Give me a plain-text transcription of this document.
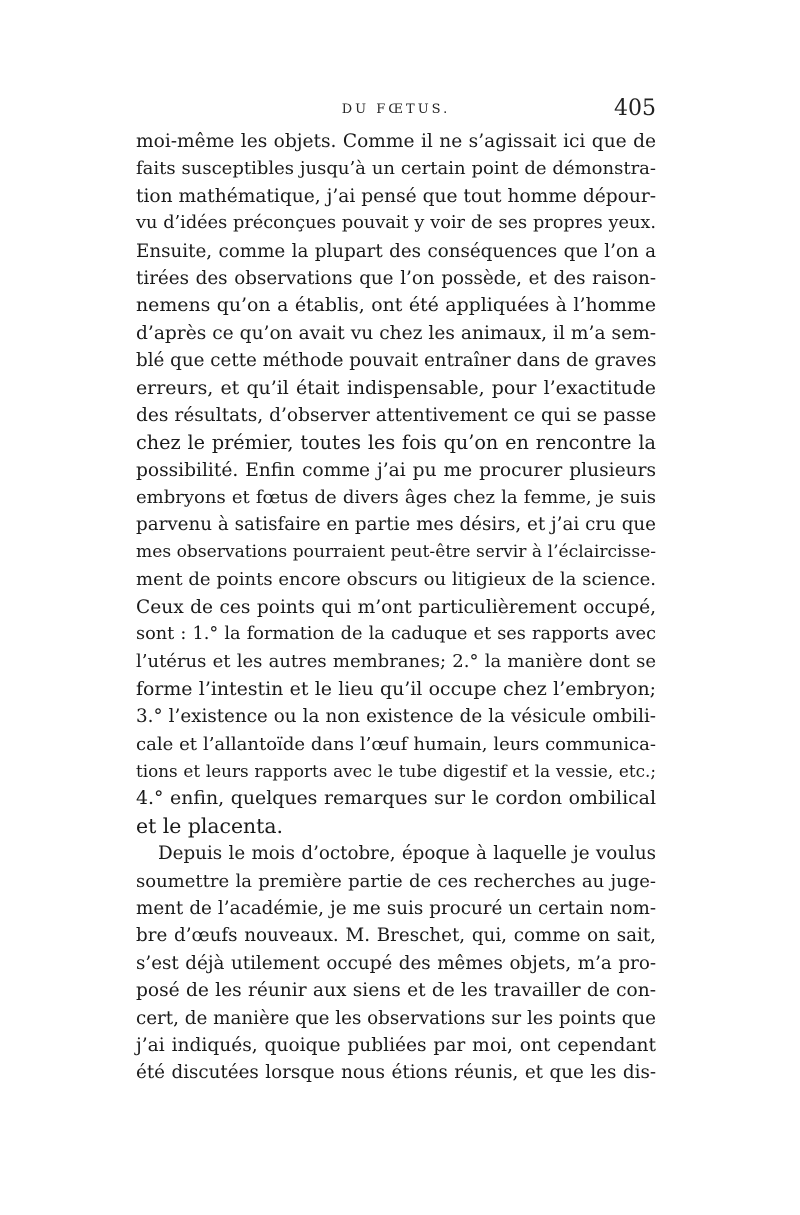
DU FŒTUS.	405
moi-même les objets. Comme il ne s’agissait ici que de
faits susceptibles jusqu’à un certain point de démonstra-
tion mathématique, j’ai pensé que tout homme dépour-
vu d’idées préconçues pouvait y voir de ses propres yeux.
Ensuite, comme la plupart des conséquences que l’on a
tirées des observations que l’on possède, et des raison-
nemens qu’on a établis, ont été appliquées à l’homme
d’après ce qu’on avait vu chez les animaux, il m’a sem-
blé que cette méthode pouvait entraîner dans de graves
erreurs, et qu’il était indispensable, pour l’exactitude
des résultats, d’observer attentivement ce qui se passe
chez le prémier, toutes les fois qu’on en rencontre la
possibilité. Enfin comme j’ai pu me procurer plusieurs
embryons et fœtus de divers âges chez la femme, je suis
parvenu à satisfaire en partie mes désirs, et j’ai cru que
mes observations pourraient peut-être servir à l’éclaircisse-
ment de points encore obscurs ou litigieux de la science.
Ceux de ces points qui m’ont particulièrement occupé,
sont : 1.° la formation de la caduque et ses rapports avec
l’utérus et les autres membranes; 2.° la manière dont se
forme l’intestin et le lieu qu’il occupe chez l’embryon;
3.° l’existence ou la non existence de la vésicule ombili-
cale et l’allantoïde dans l’œuf humain, leurs communica-
tions et leurs rapports avec le tube digestif et la vessie, etc.;
4.° enfin, quelques remarques sur le cordon ombilical
et le placenta.
Depuis le mois d’octobre, époque à laquelle je voulus
soumettre la première partie de ces recherches au juge-
ment de l’académie, je me suis procuré un certain nom-
bre d’œufs nouveaux. M. Breschet, qui, comme on sait,
s’est déjà utilement occupé des mêmes objets, m’a pro-
posé de les réunir aux siens et de les travailler de con-
cert, de manière que les observations sur les points que
j’ai indiqués, quoique publiées par moi, ont cependant
été discutées lorsque nous étions réunis, et que les dis-
